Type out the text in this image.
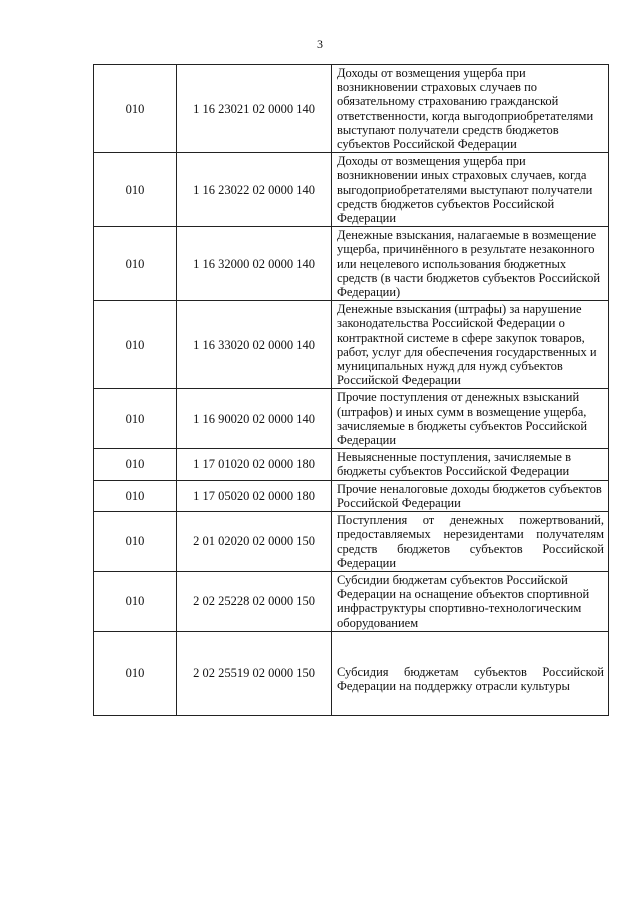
3
010	1 16 23021 02 0000 140	Доходы от возмещения ущерба при возникновении страховых случаев по обязательному страхованию гражданской ответственности, когда выгодоприобретателями выступают получатели средств бюджетов субъектов Российской Федерации
010	1 16 23022 02 0000 140	Доходы от возмещения ущерба при возникновении иных страховых случаев, когда выгодоприобретателями выступают получатели средств бюджетов субъектов Российской Федерации
010	1 16 32000 02 0000 140	Денежные взыскания, налагаемые в возмещение ущерба, причинённого в результате незаконного или нецелевого использования бюджетных средств (в части бюджетов субъектов Российской Федерации)
010	1 16 33020 02 0000 140	Денежные взыскания (штрафы) за нарушение законодательства Российской Федерации о контрактной системе в сфере закупок товаров, работ, услуг для обеспечения государственных и муниципальных нужд для нужд субъектов Российской Федерации
010	1 16 90020 02 0000 140	Прочие поступления от денежных взысканий (штрафов) и иных сумм в возмещение ущерба, зачисляемые в бюджеты субъектов Российской Федерации
010	1 17 01020 02 0000 180	Невыясненные поступления, зачисляемые в бюджеты субъектов Российской Федерации
010	1 17 05020 02 0000 180	Прочие неналоговые доходы бюджетов субъектов Российской Федерации
010	2 01 02020 02 0000 150	Поступления от денежных пожертвований, предоставляемых нерезидентами получателям средств бюджетов субъектов Российской Федерации
010	2 02 25228 02 0000 150	Субсидии бюджетам субъектов Российской Федерации на оснащение объектов спортивной инфраструктуры спортивно-технологическим оборудованием
010	2 02 25519 02 0000 150	Субсидия бюджетам субъектов Российской Федерации на поддержку отрасли культуры
